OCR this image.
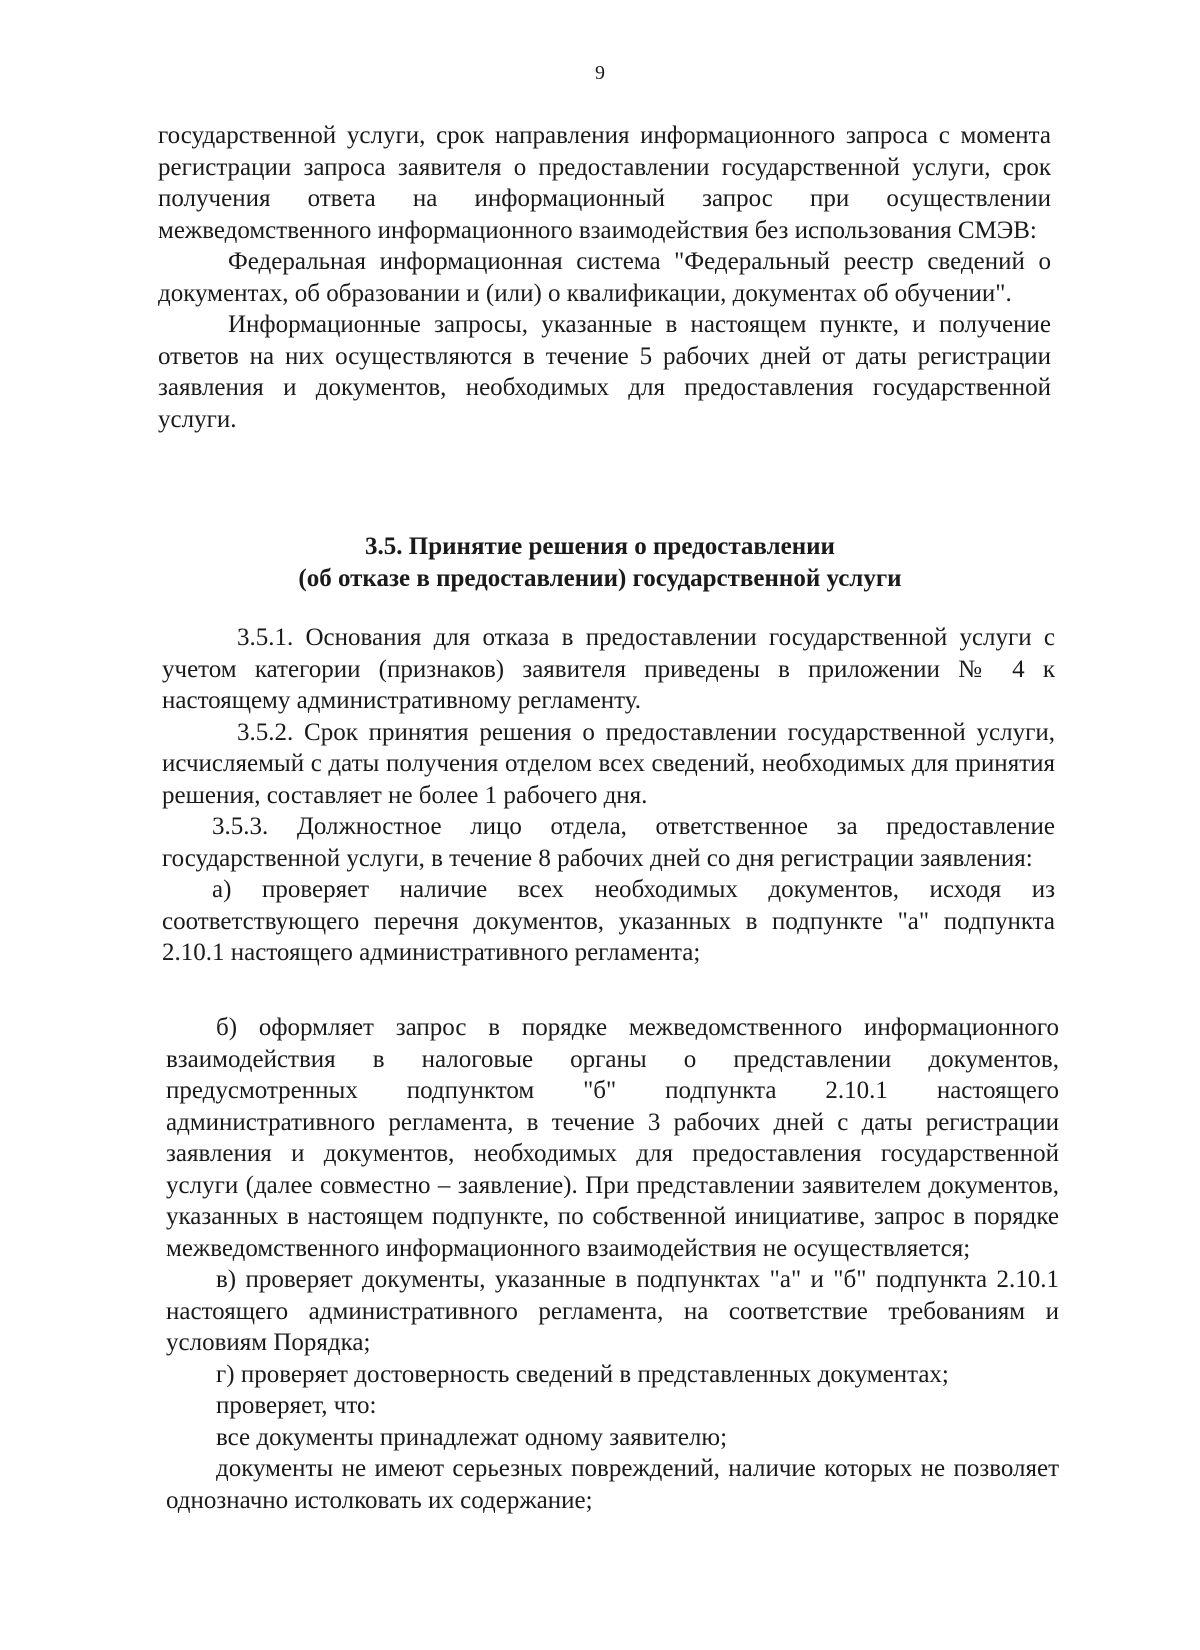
9

государственной услуги, срок направления информационного запроса с момента регистрации запроса заявителя о предоставлении государственной услуги, срок получения ответа на информационный запрос при осуществлении межведомственного информационного взаимодействия без использования СМЭВ:

Федеральная информационная система "Федеральный реестр сведений о документах, об образовании и (или) о квалификации, документах об обучении".

Информационные запросы, указанные в настоящем пункте, и получение ответов на них осуществляются в течение 5 рабочих дней от даты регистрации заявления и документов, необходимых для предоставления государственной услуги.

3.5. Принятие решения о предоставлении
(об отказе в предоставлении) государственной услуги

3.5.1. Основания для отказа в предоставлении государственной услуги с учетом категории (признаков) заявителя приведены в приложении № 4 к настоящему административному регламенту.

3.5.2. Срок принятия решения о предоставлении государственной услуги, исчисляемый с даты получения отделом всех сведений, необходимых для принятия решения, составляет не более 1 рабочего дня.

3.5.3. Должностное лицо отдела, ответственное за предоставление государственной услуги, в течение 8 рабочих дней со дня регистрации заявления:

а) проверяет наличие всех необходимых документов, исходя из соответствующего перечня документов, указанных в подпункте "а" подпункта 2.10.1 настоящего административного регламента;

б) оформляет запрос в порядке межведомственного информационного взаимодействия в налоговые органы о представлении документов, предусмотренных подпунктом "б" подпункта 2.10.1 настоящего административного регламента, в течение 3 рабочих дней с даты регистрации заявления и документов, необходимых для предоставления государственной услуги (далее совместно – заявление). При представлении заявителем документов, указанных в настоящем подпункте, по собственной инициативе, запрос в порядке межведомственного информационного взаимодействия не осуществляется;

в) проверяет документы, указанные в подпунктах "а" и "б" подпункта 2.10.1 настоящего административного регламента, на соответствие требованиям и условиям Порядка;

г) проверяет достоверность сведений в представленных документах;

проверяет, что:

все документы принадлежат одному заявителю;

документы не имеют серьезных повреждений, наличие которых не позволяет однозначно истолковать их содержание;
